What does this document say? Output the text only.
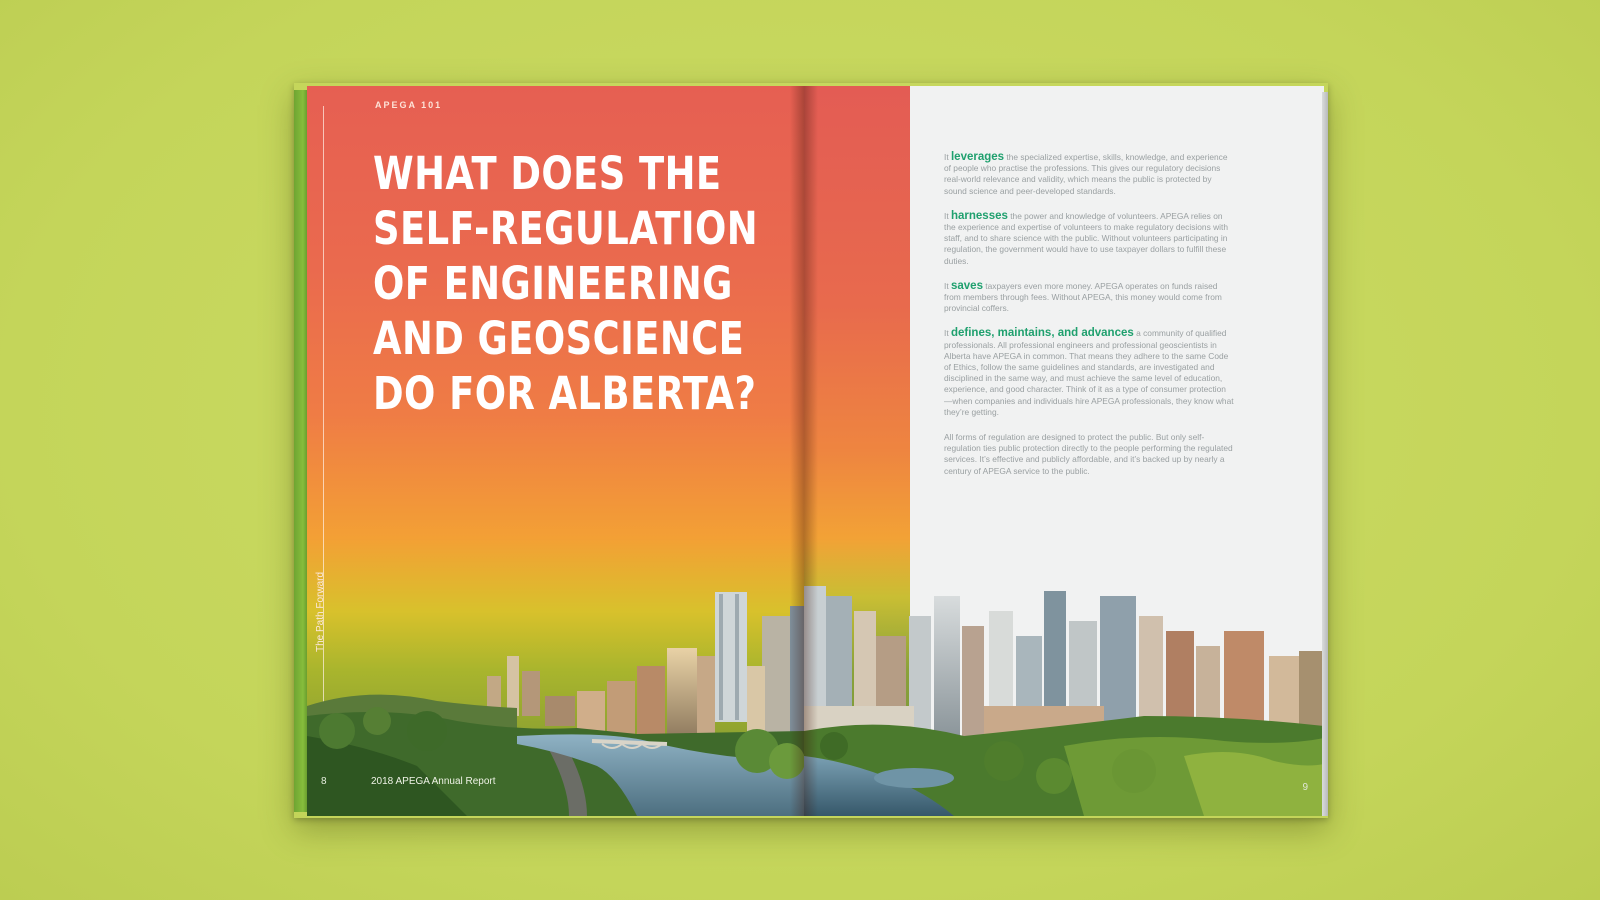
APEGA 101
The Path Forward
WHAT DOES THE
SELF-REGULATION
OF ENGINEERING
AND GEOSCIENCE
DO FOR ALBERTA?
8	2018 APEGA Annual Report

It leverages the specialized expertise, skills, knowledge, and experience of people who practise the professions. This gives our regulatory decisions real-world relevance and validity, which means the public is protected by sound science and peer-developed standards.

It harnesses the power and knowledge of volunteers. APEGA relies on the experience and expertise of volunteers to make regulatory decisions with staff, and to share science with the public. Without volunteers participating in regulation, the government would have to use taxpayer dollars to fulfill these duties.

It saves taxpayers even more money. APEGA operates on funds raised from members through fees. Without APEGA, this money would come from provincial coffers.

It defines, maintains, and advances a community of qualified professionals. All professional engineers and professional geoscientists in Alberta have APEGA in common. That means they adhere to the same Code of Ethics, follow the same guidelines and standards, are investigated and disciplined in the same way, and must achieve the same level of education, experience, and good character. Think of it as a type of consumer protection—when companies and individuals hire APEGA professionals, they know what they’re getting.

All forms of regulation are designed to protect the public. But only self-regulation ties public protection directly to the people performing the regulated services. It’s effective and publicly affordable, and it’s backed up by nearly a century of APEGA service to the public.

9
